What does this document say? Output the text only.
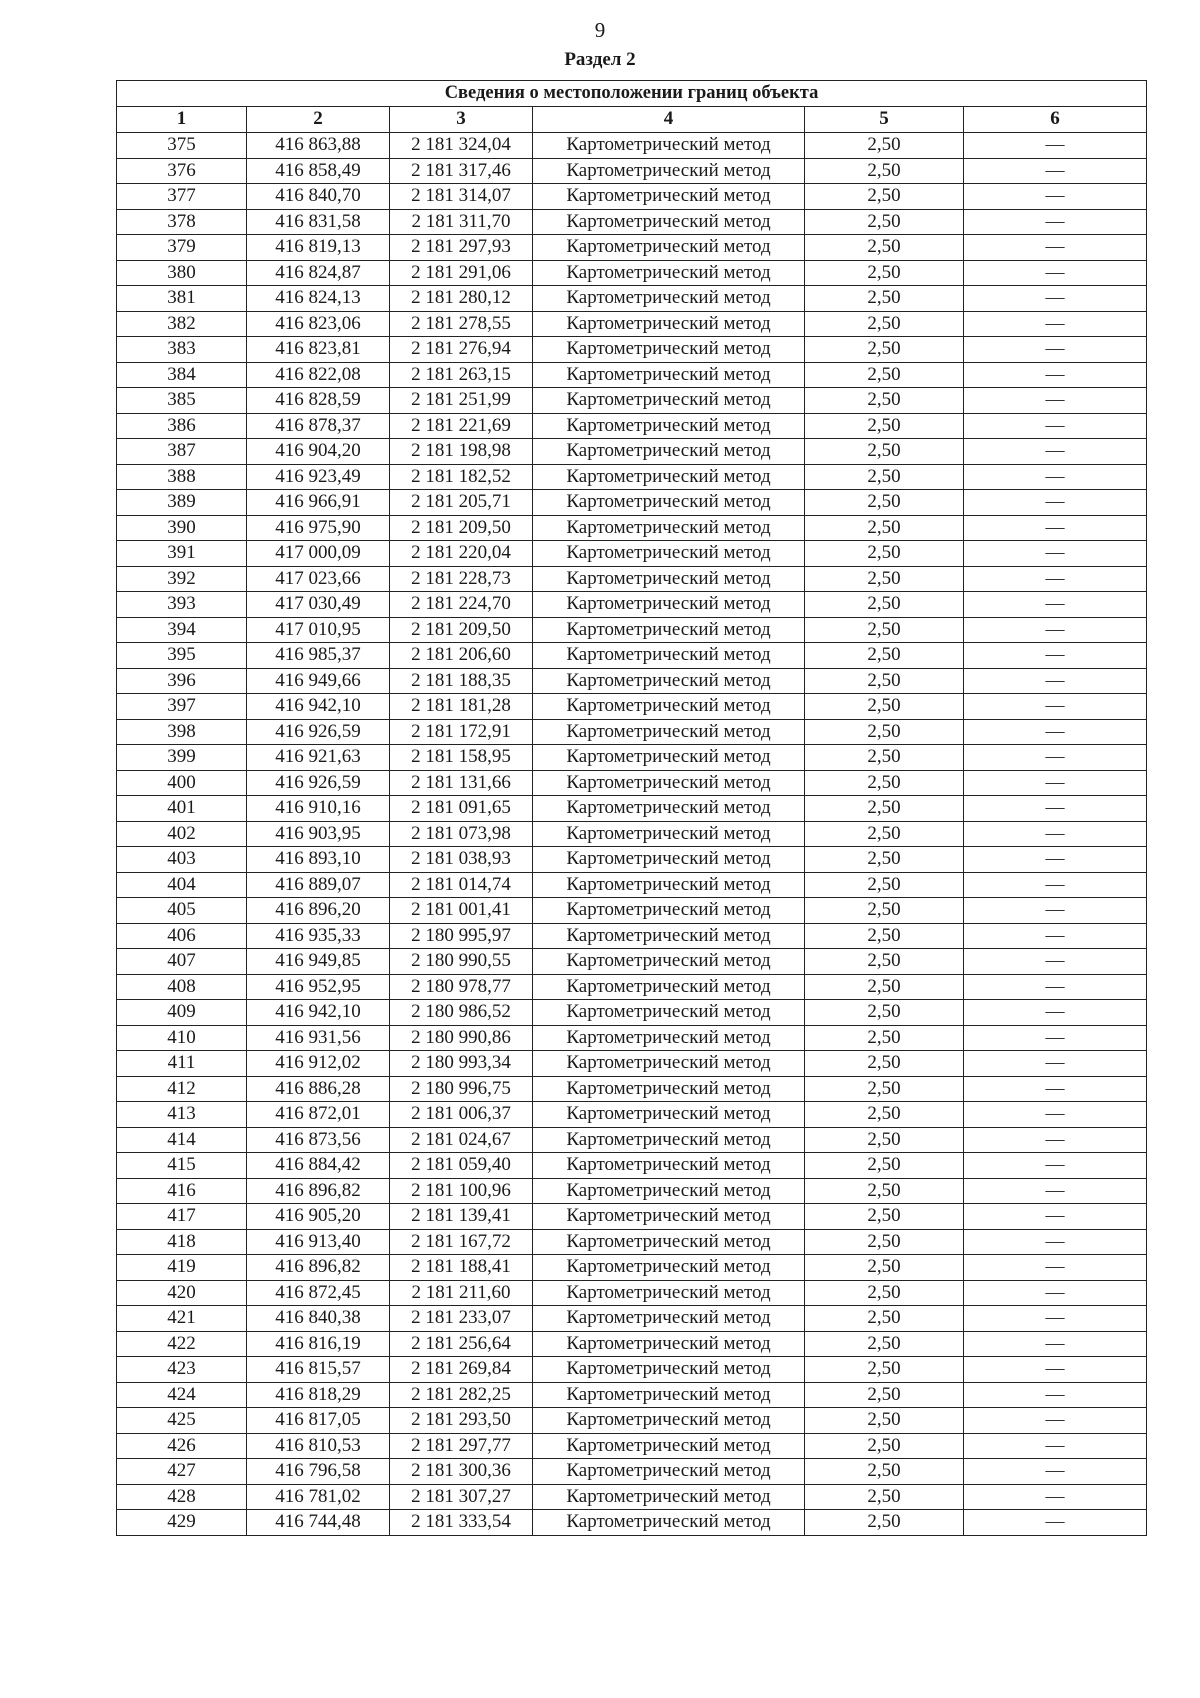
9
Раздел 2
Сведения о местоположении границ объекта					
1	2	3	4	5	6
375	416 863,88	2 181 324,04	Картометрический метод	2,50	—
376	416 858,49	2 181 317,46	Картометрический метод	2,50	—
377	416 840,70	2 181 314,07	Картометрический метод	2,50	—
378	416 831,58	2 181 311,70	Картометрический метод	2,50	—
379	416 819,13	2 181 297,93	Картометрический метод	2,50	—
380	416 824,87	2 181 291,06	Картометрический метод	2,50	—
381	416 824,13	2 181 280,12	Картометрический метод	2,50	—
382	416 823,06	2 181 278,55	Картометрический метод	2,50	—
383	416 823,81	2 181 276,94	Картометрический метод	2,50	—
384	416 822,08	2 181 263,15	Картометрический метод	2,50	—
385	416 828,59	2 181 251,99	Картометрический метод	2,50	—
386	416 878,37	2 181 221,69	Картометрический метод	2,50	—
387	416 904,20	2 181 198,98	Картометрический метод	2,50	—
388	416 923,49	2 181 182,52	Картометрический метод	2,50	—
389	416 966,91	2 181 205,71	Картометрический метод	2,50	—
390	416 975,90	2 181 209,50	Картометрический метод	2,50	—
391	417 000,09	2 181 220,04	Картометрический метод	2,50	—
392	417 023,66	2 181 228,73	Картометрический метод	2,50	—
393	417 030,49	2 181 224,70	Картометрический метод	2,50	—
394	417 010,95	2 181 209,50	Картометрический метод	2,50	—
395	416 985,37	2 181 206,60	Картометрический метод	2,50	—
396	416 949,66	2 181 188,35	Картометрический метод	2,50	—
397	416 942,10	2 181 181,28	Картометрический метод	2,50	—
398	416 926,59	2 181 172,91	Картометрический метод	2,50	—
399	416 921,63	2 181 158,95	Картометрический метод	2,50	—
400	416 926,59	2 181 131,66	Картометрический метод	2,50	—
401	416 910,16	2 181 091,65	Картометрический метод	2,50	—
402	416 903,95	2 181 073,98	Картометрический метод	2,50	—
403	416 893,10	2 181 038,93	Картометрический метод	2,50	—
404	416 889,07	2 181 014,74	Картометрический метод	2,50	—
405	416 896,20	2 181 001,41	Картометрический метод	2,50	—
406	416 935,33	2 180 995,97	Картометрический метод	2,50	—
407	416 949,85	2 180 990,55	Картометрический метод	2,50	—
408	416 952,95	2 180 978,77	Картометрический метод	2,50	—
409	416 942,10	2 180 986,52	Картометрический метод	2,50	—
410	416 931,56	2 180 990,86	Картометрический метод	2,50	—
411	416 912,02	2 180 993,34	Картометрический метод	2,50	—
412	416 886,28	2 180 996,75	Картометрический метод	2,50	—
413	416 872,01	2 181 006,37	Картометрический метод	2,50	—
414	416 873,56	2 181 024,67	Картометрический метод	2,50	—
415	416 884,42	2 181 059,40	Картометрический метод	2,50	—
416	416 896,82	2 181 100,96	Картометрический метод	2,50	—
417	416 905,20	2 181 139,41	Картометрический метод	2,50	—
418	416 913,40	2 181 167,72	Картометрический метод	2,50	—
419	416 896,82	2 181 188,41	Картометрический метод	2,50	—
420	416 872,45	2 181 211,60	Картометрический метод	2,50	—
421	416 840,38	2 181 233,07	Картометрический метод	2,50	—
422	416 816,19	2 181 256,64	Картометрический метод	2,50	—
423	416 815,57	2 181 269,84	Картометрический метод	2,50	—
424	416 818,29	2 181 282,25	Картометрический метод	2,50	—
425	416 817,05	2 181 293,50	Картометрический метод	2,50	—
426	416 810,53	2 181 297,77	Картометрический метод	2,50	—
427	416 796,58	2 181 300,36	Картометрический метод	2,50	—
428	416 781,02	2 181 307,27	Картометрический метод	2,50	—
429	416 744,48	2 181 333,54	Картометрический метод	2,50	—
